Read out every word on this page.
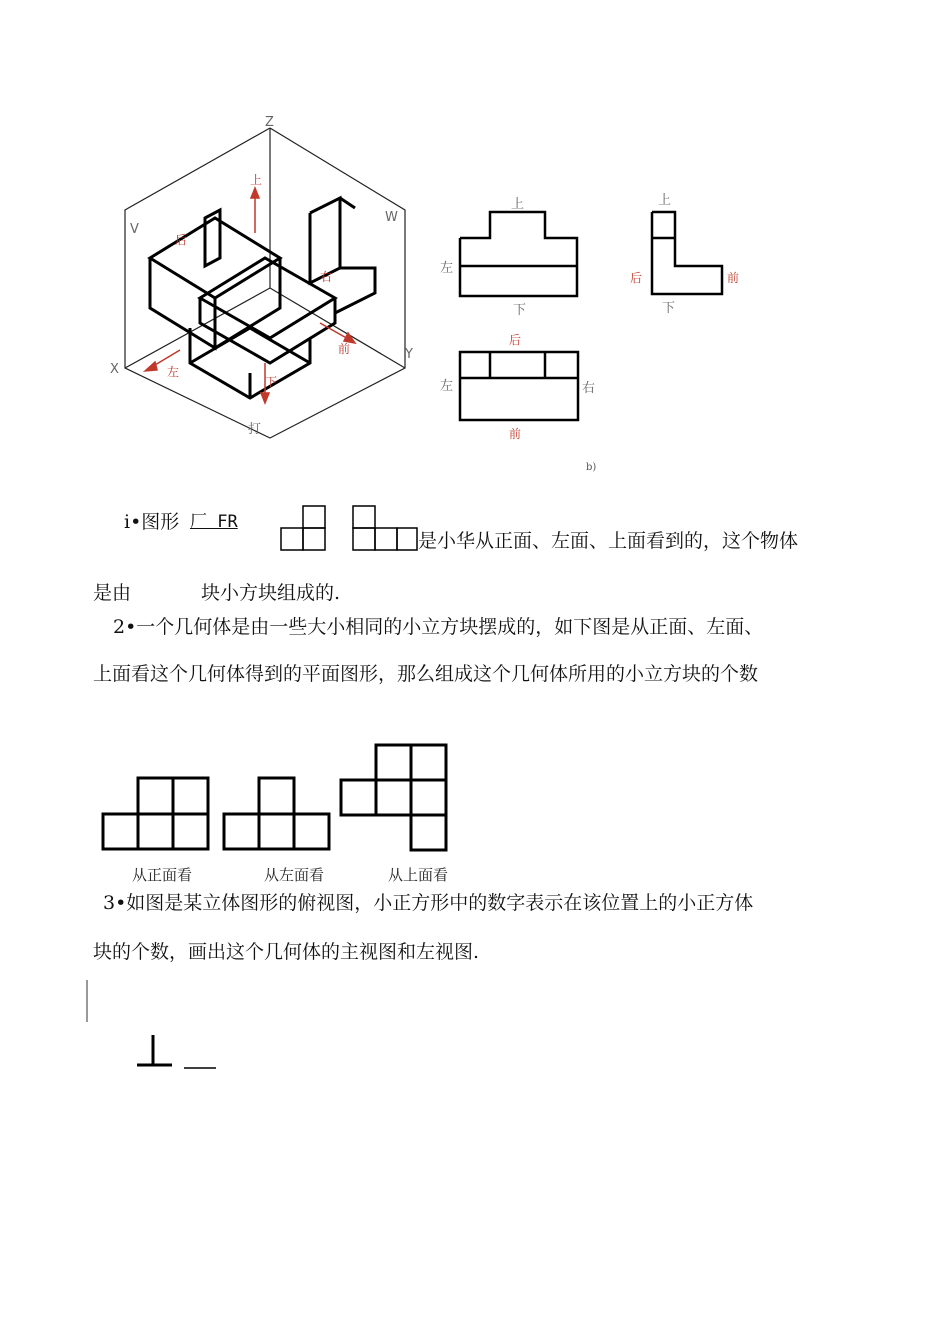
Z
V
W
X
Y
上
后
右
前
左
下
打
上
左
下
上
后	前
下
后
左	右
前
b)
i•图形 厂 FR
是小华从正面、左面、上面看到的，这个物体
是由	块小方块组成的.
2•一个几何体是由一些大小相同的小立方块摆成的，如下图是从正面、左面、
上面看这个几何体得到的平面图形，那么组成这个几何体所用的小立方块的个数
从正面看	从左面看	从上面看
3•如图是某立体图形的俯视图，小正方形中的数字表示在该位置上的小正方体
块的个数，画出这个几何体的主视图和左视图.
